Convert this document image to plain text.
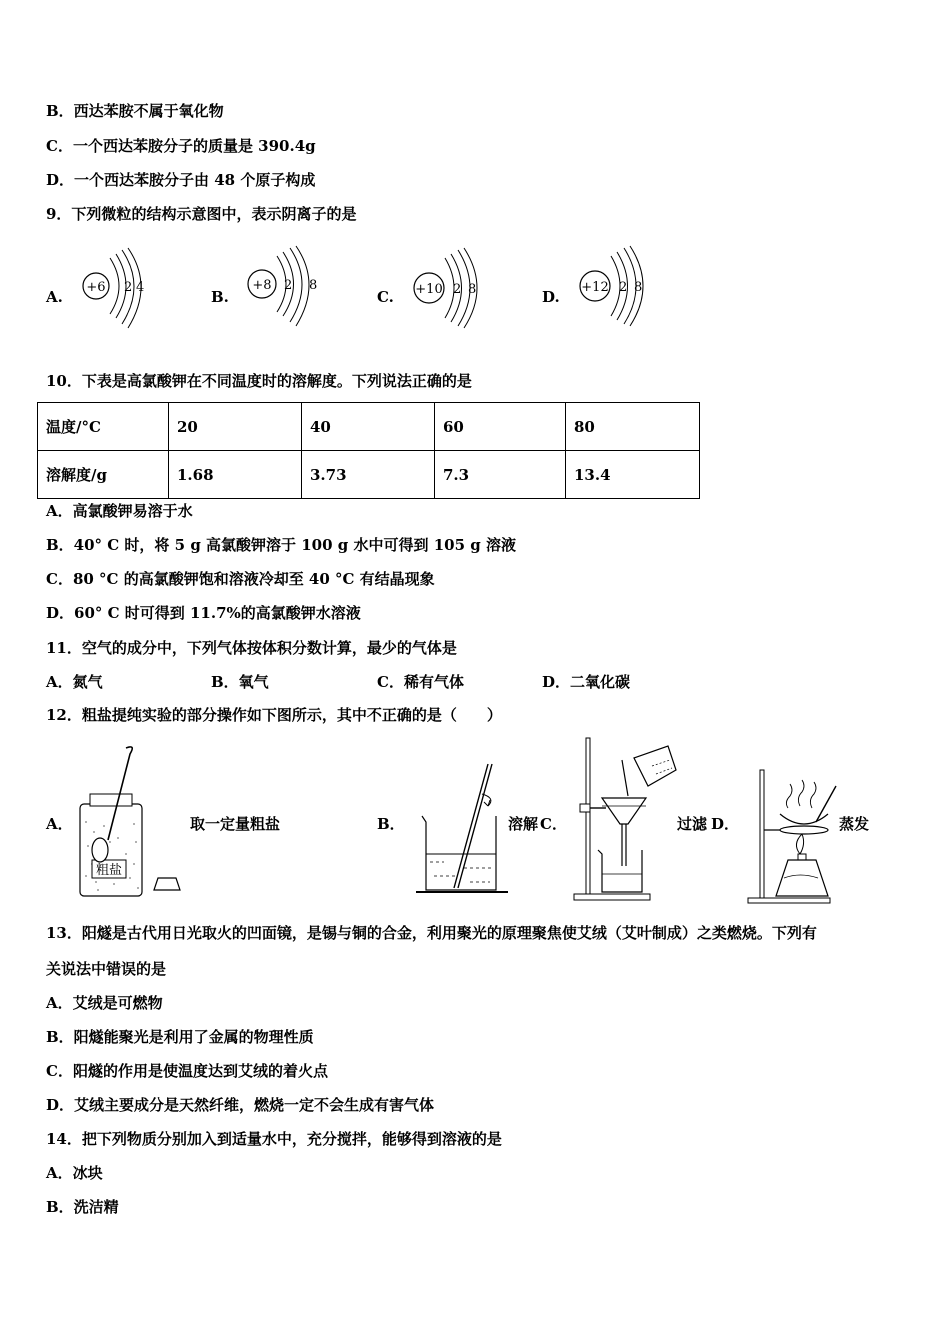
B．西达苯胺不属于氧化物
C．一个西达苯胺分子的质量是 390.4g
D．一个西达苯胺分子由 48 个原子构成
9．下列微粒的结构示意图中，表示阴离子的是
A.
+6 2 4
B.
+8 2 8
C. +10 2 8	D.
+12 2 8
10．下表是高氯酸钾在不同温度时的溶解度。下列说法正确的是
温度/°C	20	40	60	80
溶解度/g	1.68	3.73	7.3	13.4
A．高氯酸钾易溶于水
B．40° C 时，将 5 g 高氯酸钾溶于 100 g 水中可得到 105 g 溶液
C．80 °C 的高氯酸钾饱和溶液冷却至 40 °C 有结晶现象
D．60° C 时可得到 11.7%的高氯酸钾水溶液
11．空气的成分中，下列气体按体积分数计算，最少的气体是
A．氮气	B．氧气	C．稀有气体	D．二氧化碳
12．粗盐提纯实验的部分操作如下图所示，其中不正确的是（　　）
A．
粗盐
取一定量粗盐	B．	溶解 C．	过滤 D．	蒸发
13．阳燧是古代用日光取火的凹面镜，是锡与铜的合金，利用聚光的原理聚焦使艾绒（艾叶制成）之类燃烧。下列有
关说法中错误的是
A．艾绒是可燃物
B．阳燧能聚光是利用了金属的物理性质
C．阳燧的作用是使温度达到艾绒的着火点
D．艾绒主要成分是天然纤维，燃烧一定不会生成有害气体
14．把下列物质分别加入到适量水中，充分搅拌，能够得到溶液的是
A．冰块
B．洗洁精
